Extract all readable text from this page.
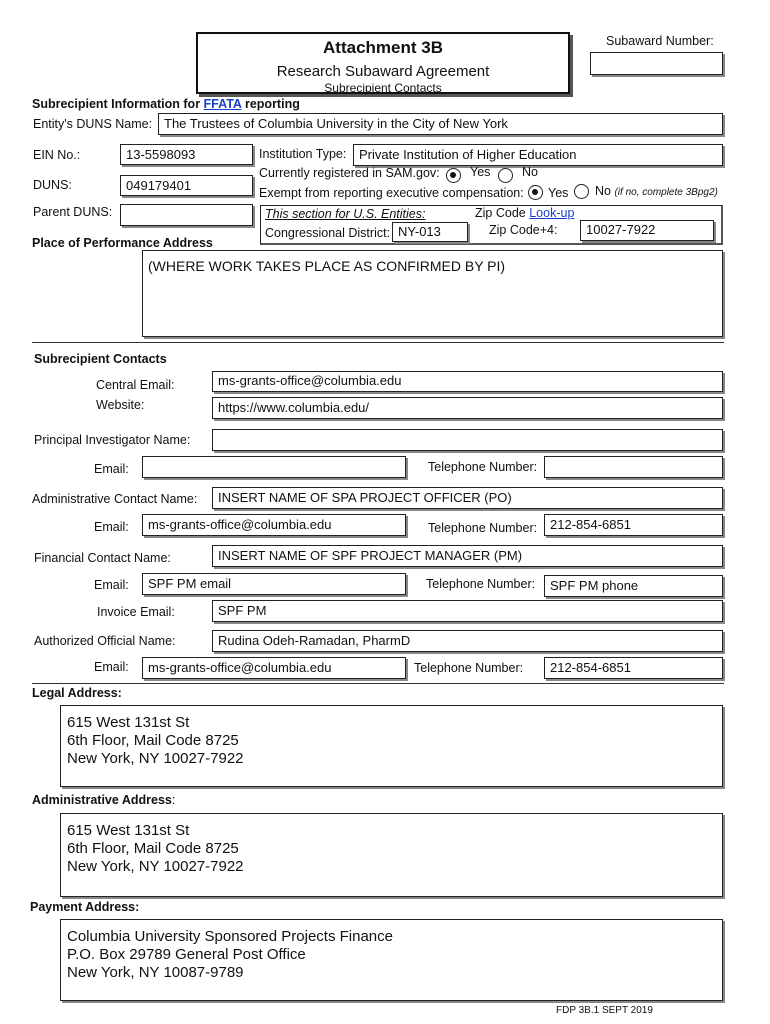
Attachment 3B
Research Subaward Agreement
Subrecipient Contacts
Subaward Number:
Subrecipient Information for FFATA reporting
Entity's DUNS Name: The Trustees of Columbia University in the City of New York
EIN No.:	13-5598093
DUNS:	049179401
Parent DUNS:
Institution Type: Private Institution of Higher Education
Currently registered in SAM.gov: Yes	No
Exempt from reporting executive compensation: Yes No (if no, complete 3Bpg2)
This section for U.S. Entities:	Zip Code Look-up
Congressional District: NY-013	Zip Code+4:	10027-7922
Place of Performance Address
(WHERE WORK TAKES PLACE AS CONFIRMED BY PI)
Subrecipient Contacts
Central Email:	ms-grants-office@columbia.edu
Website:	https://www.columbia.edu/
Principal Investigator Name:
Email:	Telephone Number:
Administrative Contact Name:	INSERT NAME OF SPA PROJECT OFFICER (PO)
Email:	ms-grants-office@columbia.edu	Telephone Number: 212-854-6851
Financial Contact Name:	INSERT NAME OF SPF PROJECT MANAGER (PM)
Email:	SPF PM email	Telephone Number:	SPF PM phone
Invoice Email:	SPF PM
Authorized Official Name:	Rudina Odeh-Ramadan, PharmD
Email:	ms-grants-office@columbia.edu	Telephone Number:	212-854-6851
Legal Address:
615 West 131st St
6th Floor, Mail Code 8725
New York, NY 10027-7922
Administrative Address:
615 West 131st St
6th Floor, Mail Code 8725
New York, NY 10027-7922
Payment Address:
Columbia University Sponsored Projects Finance
P.O. Box 29789 General Post Office
New York, NY 10087-9789
FDP 3B.1 SEPT 2019
